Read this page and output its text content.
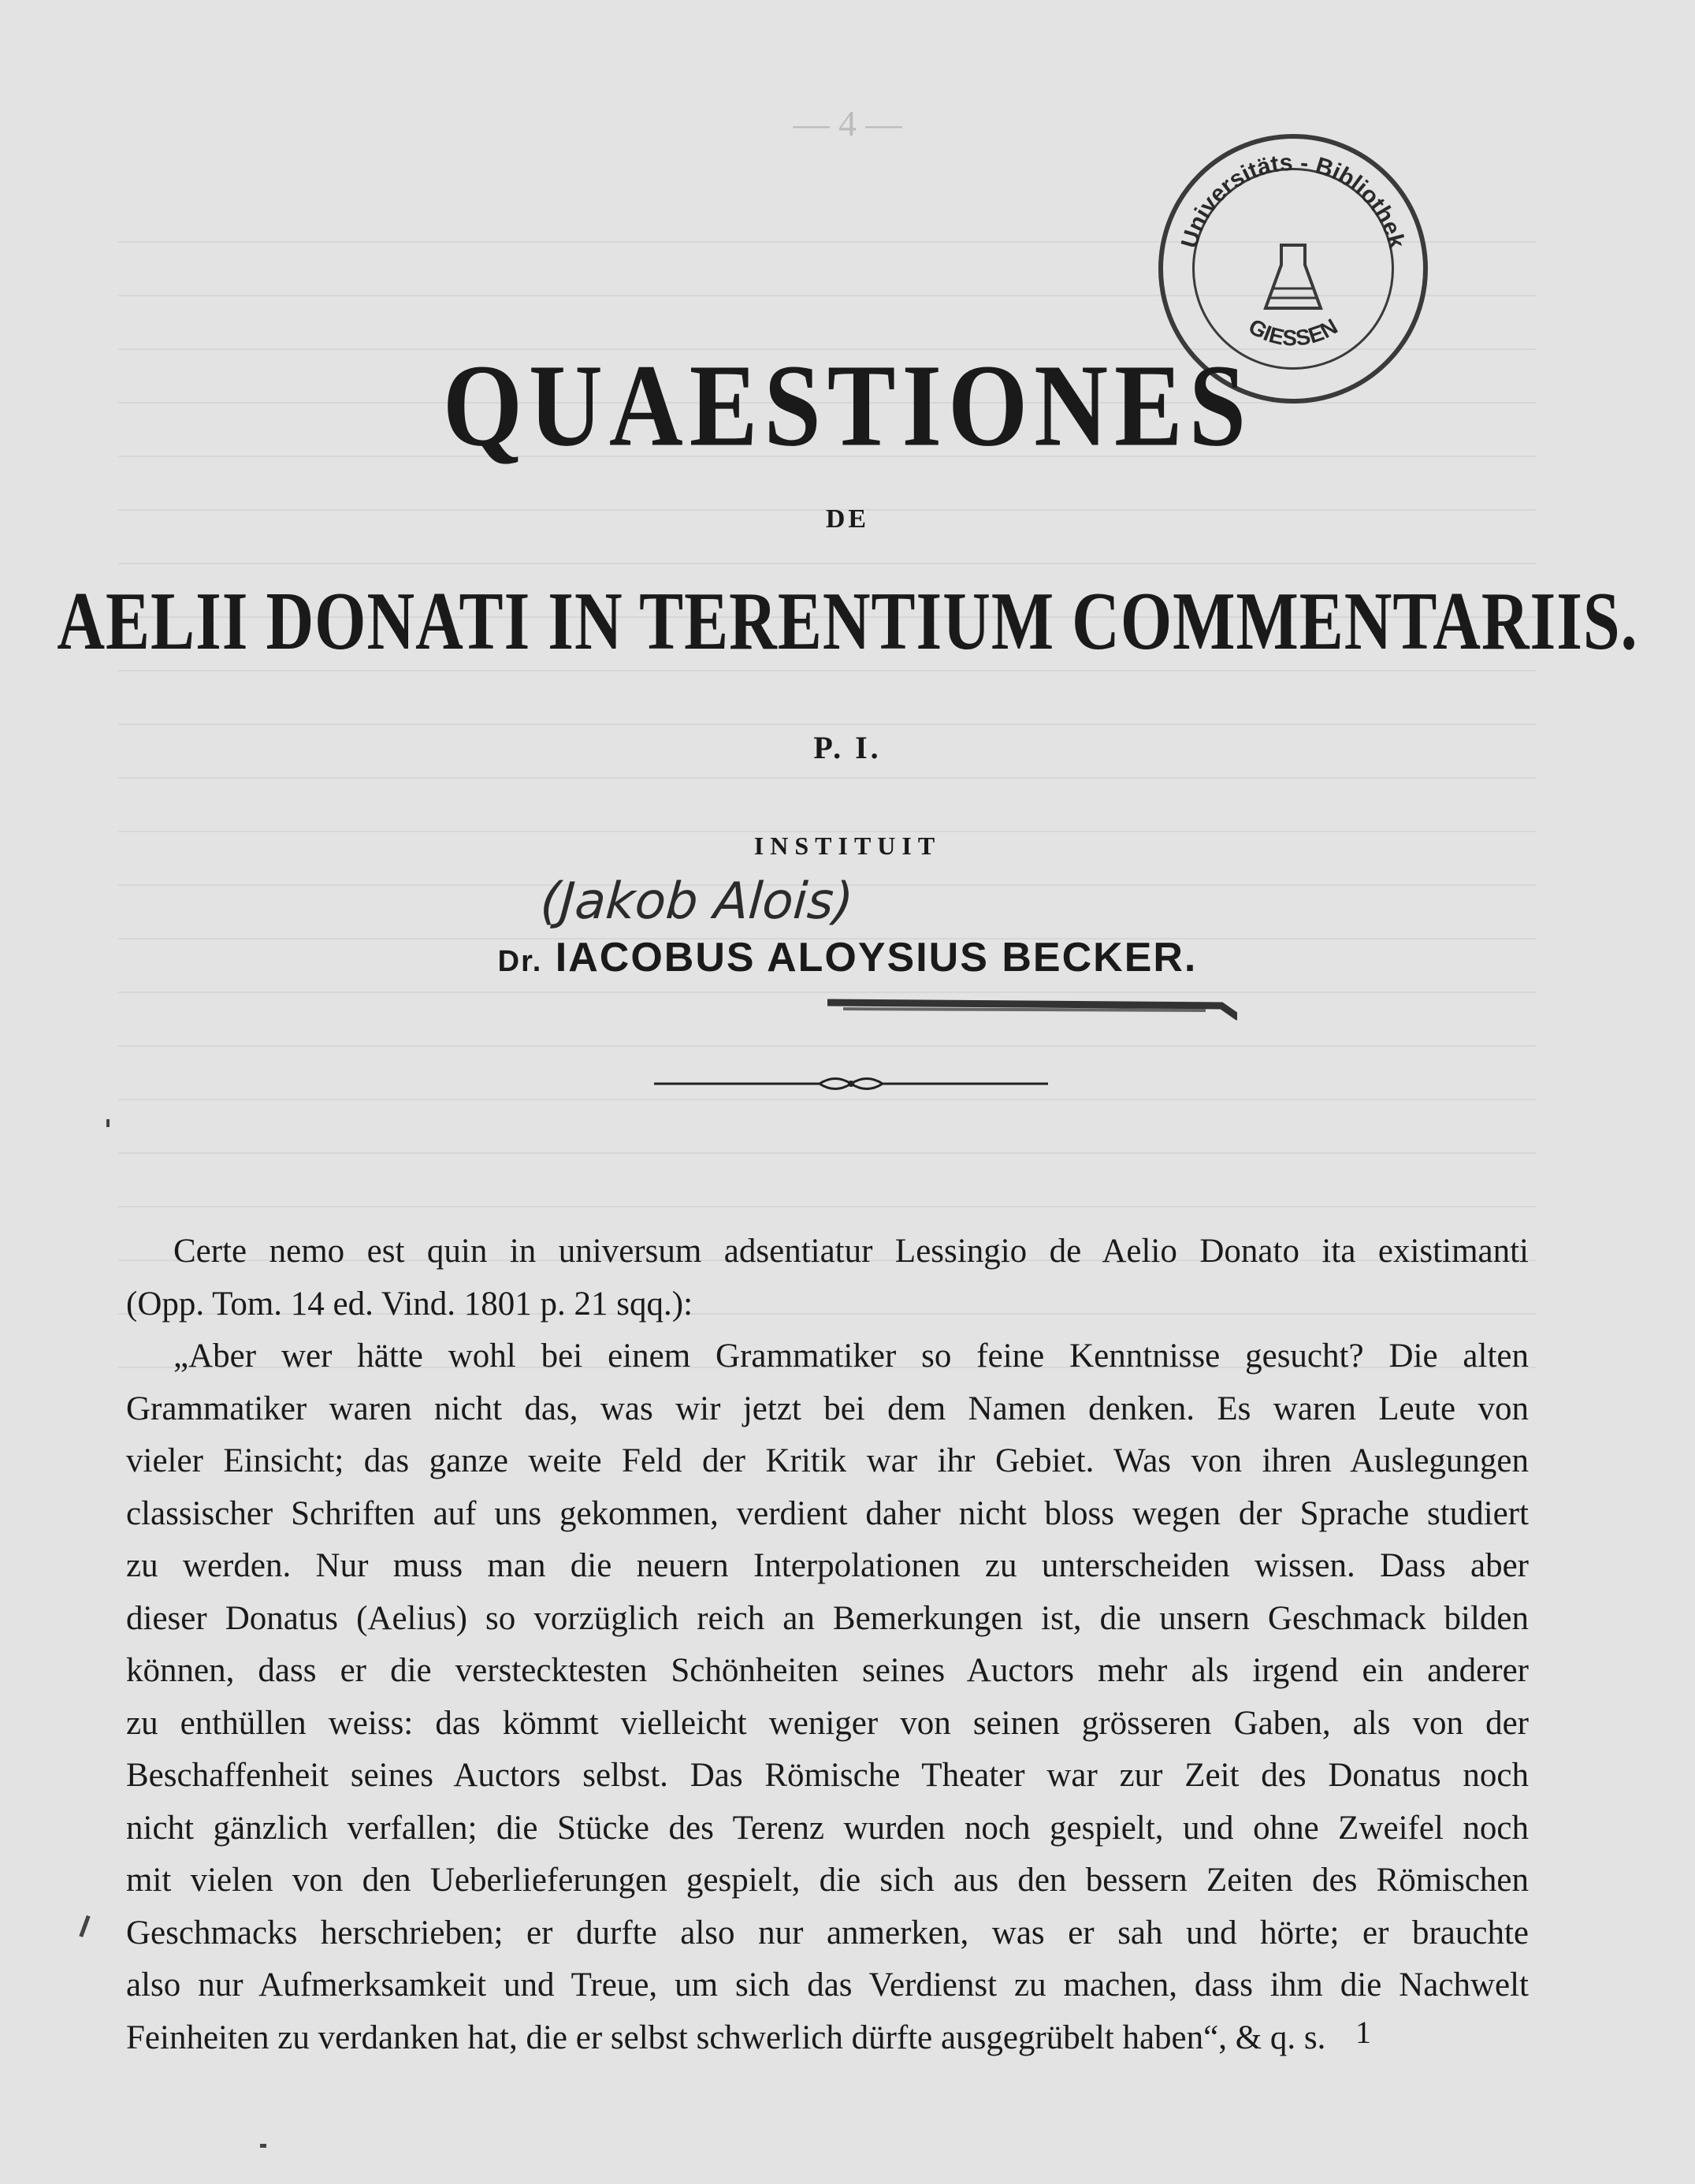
— 4 —
Universitäts - Bibliothek
GIESSEN
QUAESTIONES
DE
AELII DONATI IN TERENTIUM COMMENTARIIS.
P. I.
INSTITUIT
(Jakob Alois)
Dr. IACOBUS ALOYSIUS BECKER.

Certe nemo est quin in universum adsentiatur Lessingio de Aelio Donato ita existimanti
(Opp. Tom. 14 ed. Vind. 1801 p. 21 sqq.):

„Aber wer hätte wohl bei einem Grammatiker so feine Kenntnisse gesucht? Die alten
Grammatiker waren nicht das, was wir jetzt bei dem Namen denken. Es waren Leute von
vieler Einsicht; das ganze weite Feld der Kritik war ihr Gebiet. Was von ihren Auslegungen
classischer Schriften auf uns gekommen, verdient daher nicht bloss wegen der Sprache studiert
zu werden. Nur muss man die neuern Interpolationen zu unterscheiden wissen. Dass aber
dieser Donatus (Aelius) so vorzüglich reich an Bemerkungen ist, die unsern Geschmack bilden
können, dass er die verstecktesten Schönheiten seines Auctors mehr als irgend ein anderer
zu enthüllen weiss: das kömmt vielleicht weniger von seinen grösseren Gaben, als von der
Beschaffenheit seines Auctors selbst. Das Römische Theater war zur Zeit des Donatus noch
nicht gänzlich verfallen; die Stücke des Terenz wurden noch gespielt, und ohne Zweifel noch
mit vielen von den Ueberlieferungen gespielt, die sich aus den bessern Zeiten des Römischen
Geschmacks herschrieben; er durfte also nur anmerken, was er sah und hörte; er brauchte
also nur Aufmerksamkeit und Treue, um sich das Verdienst zu machen, dass ihm die Nachwelt
Feinheiten zu verdanken hat, die er selbst schwerlich dürfte ausgegrübelt haben“, & q. s. 1
